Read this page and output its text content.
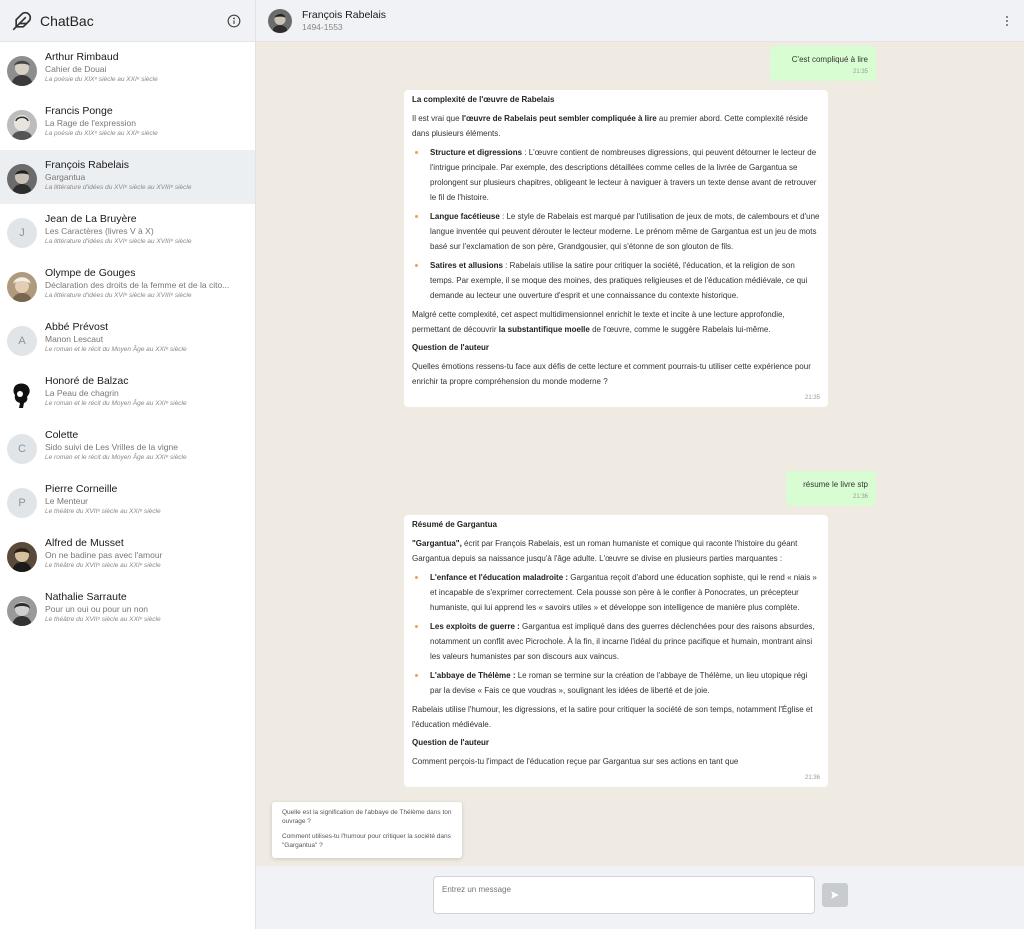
ChatBac
Arthur Rimbaud
Cahier de Douai
La poésie du XIXᵉ siècle au XXIᵉ siècle
Francis Ponge
La Rage de l'expression
La poésie du XIXᵉ siècle au XXIᵉ siècle
François Rabelais
Gargantua
La littérature d'idées du XVIᵉ siècle au XVIIIᵉ siècle
J
Jean de La Bruyère
Les Caractères (livres V à X)
La littérature d'idées du XVIᵉ siècle au XVIIIᵉ siècle
Olympe de Gouges
Déclaration des droits de la femme et de la cito...
La littérature d'idées du XVIᵉ siècle au XVIIIᵉ siècle
A
Abbé Prévost
Manon Lescaut
Le roman et le récit du Moyen Âge au XXIᵉ siècle
Honoré de Balzac
La Peau de chagrin
Le roman et le récit du Moyen Âge au XXIᵉ siècle
C
Colette
Sido suivi de Les Vrilles de la vigne
Le roman et le récit du Moyen Âge au XXIᵉ siècle
P
Pierre Corneille
Le Menteur
Le théâtre du XVIIᵉ siècle au XXIᵉ siècle
Alfred de Musset
On ne badine pas avec l'amour
Le théâtre du XVIIᵉ siècle au XXIᵉ siècle
Nathalie Sarraute
Pour un oui ou pour un non
Le théâtre du XVIIᵉ siècle au XXIᵉ siècle
François Rabelais
1494-1553
C'est compliqué à lire
21:35
La complexité de l'œuvre de Rabelais

Il est vrai que l'œuvre de Rabelais peut sembler compliquée à lire au premier abord. Cette complexité réside dans plusieurs éléments.

Structure et digressions : L'œuvre contient de nombreuses digressions, qui peuvent détourner le lecteur de l'intrigue principale. Par exemple, des descriptions détaillées comme celles de la livrée de Gargantua se prolongent sur plusieurs chapitres, obligeant le lecteur à naviguer à travers un texte dense avant de retrouver le fil de l'histoire.
Langue facétieuse : Le style de Rabelais est marqué par l'utilisation de jeux de mots, de calembours et d'une langue inventée qui peuvent dérouter le lecteur moderne. Le prénom même de Gargantua est un jeu de mots basé sur l'exclamation de son père, Grandgousier, qui s'étonne de son glouton de fils.
Satires et allusions : Rabelais utilise la satire pour critiquer la société, l'éducation, et la religion de son temps. Par exemple, il se moque des moines, des pratiques religieuses et de l'éducation médiévale, ce qui demande au lecteur une ouverture d'esprit et une connaissance du contexte historique.

Malgré cette complexité, cet aspect multidimensionnel enrichit le texte et incite à une lecture approfondie, permettant de découvrir la substantifique moelle de l'œuvre, comme le suggère Rabelais lui-même.

Question de l'auteur

Quelles émotions ressens-tu face aux défis de cette lecture et comment pourrais-tu utiliser cette expérience pour enrichir ta propre compréhension du monde moderne ?

21:35
résume le livre stp
21:36
Résumé de Gargantua

"Gargantua", écrit par François Rabelais, est un roman humaniste et comique qui raconte l'histoire du géant Gargantua depuis sa naissance jusqu'à l'âge adulte. L'œuvre se divise en plusieurs parties marquantes :

L'enfance et l'éducation maladroite : Gargantua reçoit d'abord une éducation sophiste, qui le rend « niais » et incapable de s'exprimer correctement. Cela pousse son père à le confier à Ponocrates, un précepteur humaniste, qui lui apprend les « savoirs utiles » et développe son intelligence de manière plus complète.
Les exploits de guerre : Gargantua est impliqué dans des guerres déclenchées pour des raisons absurdes, notamment un conflit avec Picrochole. À la fin, il incarne l'idéal du prince pacifique et humain, montrant ainsi les valeurs humanistes par son discours aux vaincus.
L'abbaye de Thélème : Le roman se termine sur la création de l'abbaye de Thélème, un lieu utopique régi par la devise « Fais ce que voudras », soulignant les idées de liberté et de joie.

Rabelais utilise l'humour, les digressions, et la satire pour critiquer la société de son temps, notamment l'Église et l'éducation médiévale.

Question de l'auteur

Comment perçois-tu l'impact de l'éducation reçue par Gargantua sur ses actions en tant que

21:36
Quelle est la signification de l'abbaye de Thélème dans ton ouvrage ?
Comment utilises-tu l'humour pour critiquer la société dans "Gargantua" ?
Entrez un message
